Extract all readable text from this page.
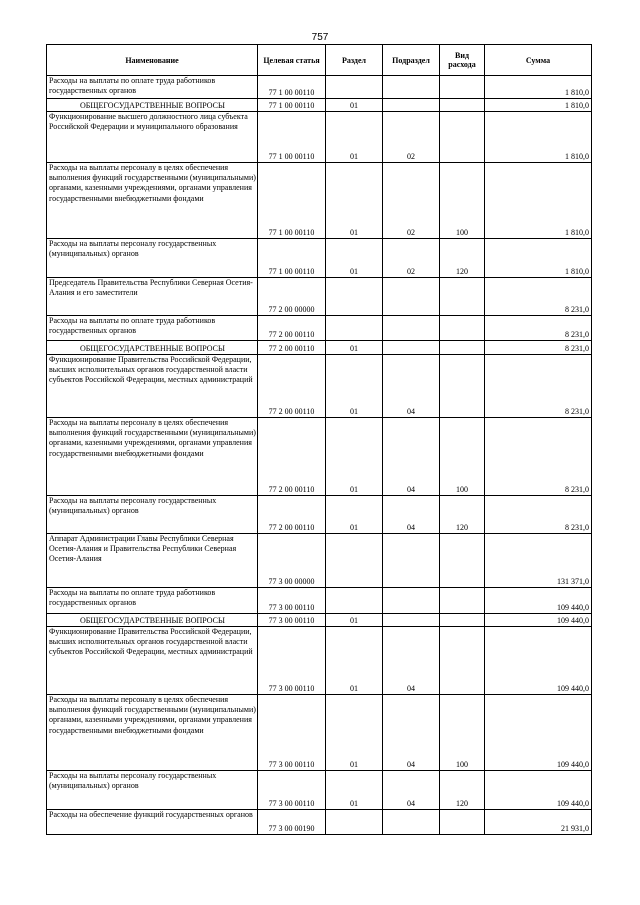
757
Наименование	Целевая статья	Раздел	Подраздел	Вид расхода	Сумма
Расходы на выплаты по оплате труда работников государственных органов	77 1 00 00110				1 810,0
ОБЩЕГОСУДАРСТВЕННЫЕ ВОПРОСЫ	77 1 00 00110	01			1 810,0
Функционирование высшего должностного лица субъекта Российской Федерации и муниципального образования	77 1 00 00110	01	02		1 810,0
Расходы на выплаты персоналу в целях обеспечения выполнения функций государственными (муниципальными) органами, казенными учреждениями, органами управления государственными внебюджетными фондами	77 1 00 00110	01	02	100	1 810,0
Расходы на выплаты персоналу государственных (муниципальных) органов	77 1 00 00110	01	02	120	1 810,0
Председатель Правительства Республики Северная Осетия-Алания и его заместители	77 2 00 00000				8 231,0
Расходы на выплаты по оплате труда работников государственных органов	77 2 00 00110				8 231,0
ОБЩЕГОСУДАРСТВЕННЫЕ ВОПРОСЫ	77 2 00 00110	01			8 231,0
Функционирование Правительства Российской Федерации, высших исполнительных органов государственной власти субъектов Российской Федерации, местных администраций	77 2 00 00110	01	04		8 231,0
Расходы на выплаты персоналу в целях обеспечения выполнения функций государственными (муниципальными) органами, казенными учреждениями, органами управления государственными внебюджетными фондами	77 2 00 00110	01	04	100	8 231,0
Расходы на выплаты персоналу государственных (муниципальных) органов	77 2 00 00110	01	04	120	8 231,0
Аппарат Администрации Главы Республики Северная Осетия-Алания и Правительства Республики Северная Осетия-Алания	77 3 00 00000				131 371,0
Расходы на выплаты по оплате труда работников государственных органов	77 3 00 00110				109 440,0
ОБЩЕГОСУДАРСТВЕННЫЕ ВОПРОСЫ	77 3 00 00110	01			109 440,0
Функционирование Правительства Российской Федерации, высших исполнительных органов государственной власти субъектов Российской Федерации, местных администраций	77 3 00 00110	01	04		109 440,0
Расходы на выплаты персоналу в целях обеспечения выполнения функций государственными (муниципальными) органами, казенными учреждениями, органами управления государственными внебюджетными фондами	77 3 00 00110	01	04	100	109 440,0
Расходы на выплаты персоналу государственных (муниципальных) органов	77 3 00 00110	01	04	120	109 440,0
Расходы на обеспечение функций государственных органов	77 3 00 00190				21 931,0
